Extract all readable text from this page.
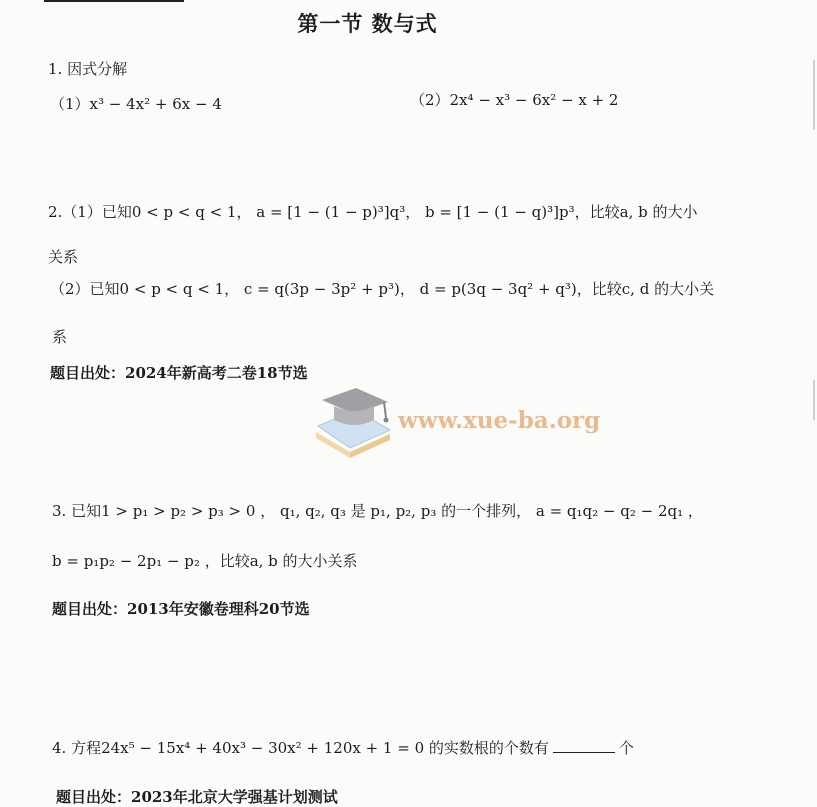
第一节 数与式
1. 因式分解
（1）x³ − 4x² + 6x − 4	（2）2x⁴ − x³ − 6x² − x + 2
2.（1）已知0 < p < q < 1， a = [1 − (1 − p)³]q³， b = [1 − (1 − q)³]p³，比较a, b 的大小
关系
（2）已知0 < p < q < 1， c = q(3p − 3p² + p³)， d = p(3q − 3q² + q³)，比较c, d 的大小关
系
题目出处：2024年新高考二卷18节选
www.xue-ba.org
3. 已知1 > p₁ > p₂ > p₃ > 0 ， q₁, q₂, q₃ 是 p₁, p₂, p₃ 的一个排列， a = q₁q₂ − q₂ − 2q₁ ，
b = p₁p₂ − 2p₁ − p₂ ，比较a, b 的大小关系
题目出处：2013年安徽卷理科20节选
4. 方程24x⁵ − 15x⁴ + 40x³ − 30x² + 120x + 1 = 0 的实数根的个数有	个
题目出处：2023年北京大学强基计划测试
